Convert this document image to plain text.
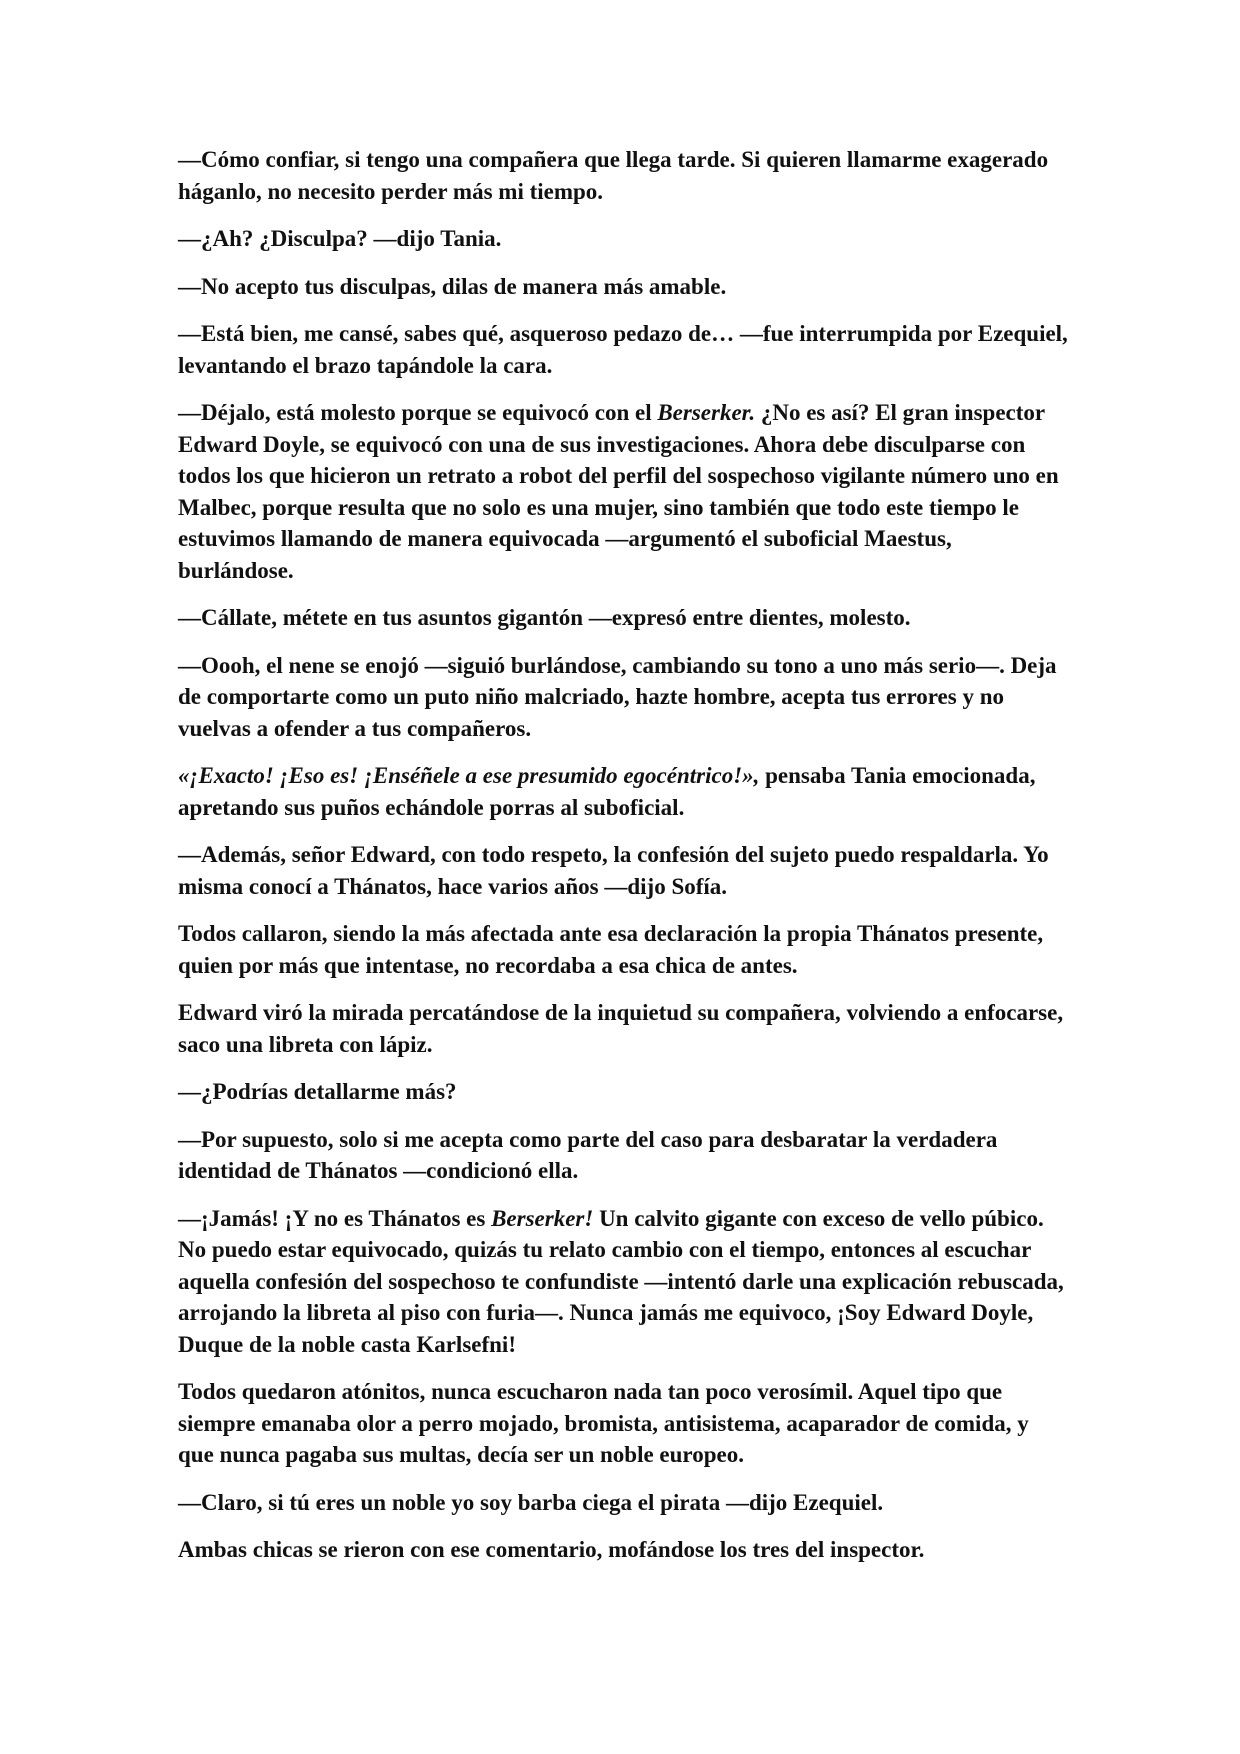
—Cómo confiar, si tengo una compañera que llega tarde. Si quieren llamarme exagerado háganlo, no necesito perder más mi tiempo.

—¿Ah? ¿Disculpa? —dijo Tania.

—No acepto tus disculpas, dilas de manera más amable.

—Está bien, me cansé, sabes qué, asqueroso pedazo de… —fue interrumpida por Ezequiel, levantando el brazo tapándole la cara.

—Déjalo, está molesto porque se equivocó con el Berserker. ¿No es así? El gran inspector Edward Doyle, se equivocó con una de sus investigaciones. Ahora debe disculparse con todos los que hicieron un retrato a robot del perfil del sospechoso vigilante número uno en Malbec, porque resulta que no solo es una mujer, sino también que todo este tiempo le estuvimos llamando de manera equivocada —argumentó el suboficial Maestus, burlándose.

—Cállate, métete en tus asuntos gigantón —expresó entre dientes, molesto.

—Oooh, el nene se enojó —siguió burlándose, cambiando su tono a uno más serio—. Deja de comportarte como un puto niño malcriado, hazte hombre, acepta tus errores y no vuelvas a ofender a tus compañeros.

«¡Exacto! ¡Eso es! ¡Enséñele a ese presumido egocéntrico!», pensaba Tania emocionada, apretando sus puños echándole porras al suboficial.

—Además, señor Edward, con todo respeto, la confesión del sujeto puedo respaldarla. Yo misma conocí a Thánatos, hace varios años —dijo Sofía.

Todos callaron, siendo la más afectada ante esa declaración la propia Thánatos presente, quien por más que intentase, no recordaba a esa chica de antes.

Edward viró la mirada percatándose de la inquietud su compañera, volviendo a enfocarse, saco una libreta con lápiz.

—¿Podrías detallarme más?

—Por supuesto, solo si me acepta como parte del caso para desbaratar la verdadera identidad de Thánatos —condicionó ella.

—¡Jamás! ¡Y no es Thánatos es Berserker! Un calvito gigante con exceso de vello púbico. No puedo estar equivocado, quizás tu relato cambio con el tiempo, entonces al escuchar aquella confesión del sospechoso te confundiste —intentó darle una explicación rebuscada, arrojando la libreta al piso con furia—. Nunca jamás me equivoco, ¡Soy Edward Doyle, Duque de la noble casta Karlsefni!

Todos quedaron atónitos, nunca escucharon nada tan poco verosímil. Aquel tipo que siempre emanaba olor a perro mojado, bromista, antisistema, acaparador de comida, y que nunca pagaba sus multas, decía ser un noble europeo.

—Claro, si tú eres un noble yo soy barba ciega el pirata —dijo Ezequiel.

Ambas chicas se rieron con ese comentario, mofándose los tres del inspector.
